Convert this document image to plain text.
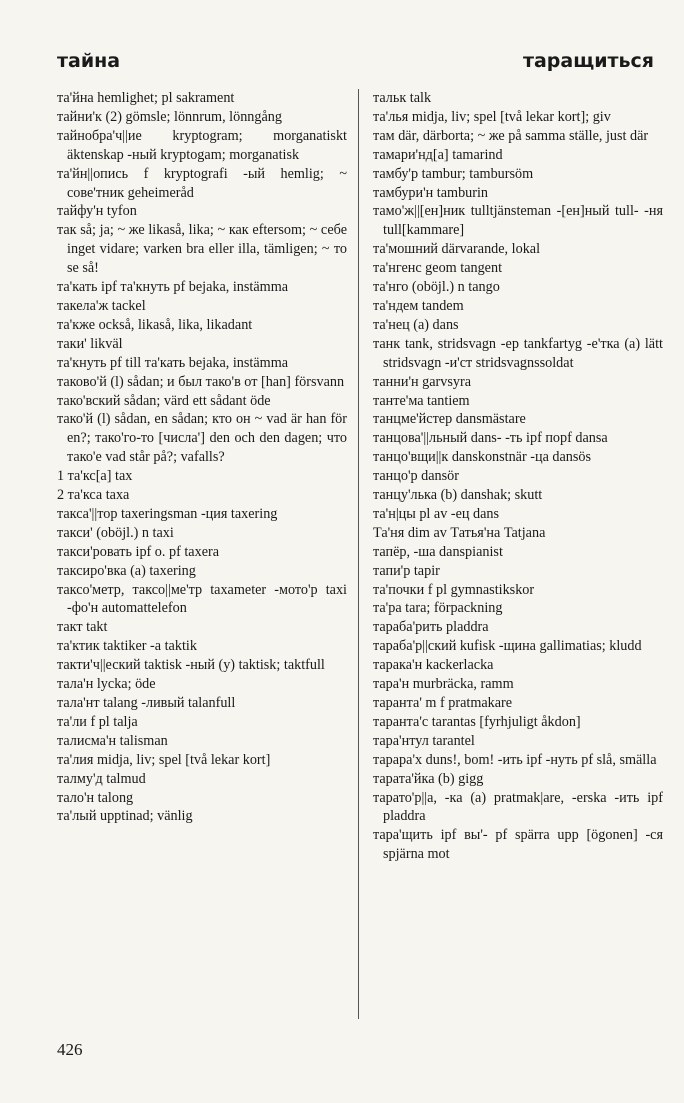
тайна	таращиться

та'йна hemlighet; pl sakrament

тайни'к (2) gömsle; lönnrum, lönngång

тайнобра'ч||ие kryptogram; morganatiskt äktenskap -ный kryptogam; morganatisk

та'йн||опись f kryptografi -ый hemlig; ~ сове'тник geheimeråd

тайфу'н tyfon

так så; ja; ~ же likaså, lika; ~ как eftersom; ~ себе inget vidare; varken bra eller illa, tämligen; ~ то se så!

та'кать ipf та'кнуть pf bejaka, instämma

такела'ж tackel

та'кже också, likaså, lika, likadant

таки' likväl

та'кнуть pf till та'кать bejaka, instämma

таково'й (l) sådan; и был тако'в от [han] försvann

тако'вский sådan; värd ett sådant öde

тако'й (l) sådan, en sådan; кто он ~ vad är han för en?; тако'го-то [числа'] den och den dagen; что тако'е vad står på?; vafalls?

1 та'кс[а] tax

2 та'кса taxa

такса'||тор taxeringsman -ция taxering

такси' (oböjl.) n taxi

такси'ровать ipf o. pf taxera

таксиро'вка (a) taxering

таксо'метр, таксо||ме'тр taxameter -мото'р taxi -фо'н automattelefon

такт takt

та'ктик taktiker -а taktik

такти'ч||еский taktisk -ный (y) taktisk; taktfull

тала'н lycka; öde

тала'нт talang -ливый talanfull

та'ли f pl talja

талисма'н talisman

та'лия midja, liv; spel [två lekar kort]

талму'д talmud

тало'н talong

та'лый upptinad; vänlig

тальк talk

та'лья midja, liv; spel [två lekar kort]; giv

там där, därborta; ~ же på samma ställe, just där

тамари'нд[а] tamarind

тамбу'р tambur; tambursöm

тамбури'н tamburin

тамо'ж||[ен]ник tulltjänsteman -[ен]ный tull- -ня tull[kammare]

та'мошний därvarande, lokal

та'нгенс geom tangent

та'нго (oböjl.) n tango

та'ндем tandem

та'нец (a) dans

танк tank, stridsvagn -ер tankfartyg -е'тка (a) lätt stridsvagn -и'ст stridsvagnssoldat

танни'н garvsyra

танте'ма tantiem

танцме'йстер dansmästare

танцова'||льный dans- -ть ipf поpf dansa

танцо'вщи||к danskonstnär -ца dansös

танцо'р dansör

танцу'лька (b) danshak; skutt

та'н|цы pl av -ец dans

Та'ня dim av Татья'на Tatjana

тапёр, -ша danspianist

тапи'р tapir

та'почки f pl gymnastikskor

та'ра tara; förpackning

тараба'рить pladdra

тараба'р||ский kufisk -щина gallimatias; kludd

тарака'н kackerlacka

тара'н murbräcka, ramm

таранта' m f pratmakare

таранта'с tarantas [fyrhjuligt åkdon]

тара'нтул tarantel

тарара'х duns!, bom! -ить ipf -нуть pf slå, smälla

тарата'йка (b) gigg

тарато'р||а, -ка (a) pratmak|are, -erska -ить ipf pladdra

тара'щить ipf вы'- pf spärra upp [ögonen] -ся spjärna mot

426
